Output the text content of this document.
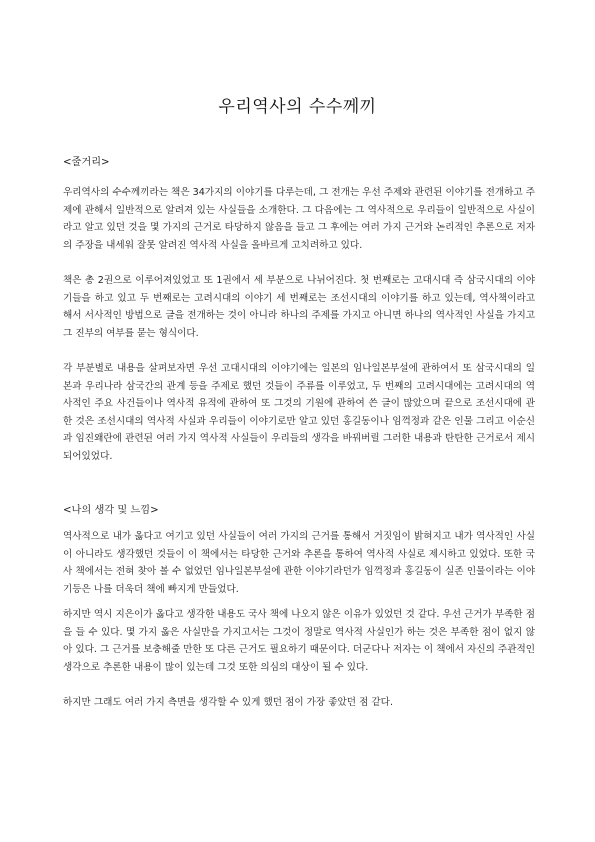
우리역사의 수수께끼
<줄거리>

우리역사의 수수께끼라는 책은 34가지의 이야기를 다루는데, 그 전개는 우선 주제와 관련된 이야기를 전개하고 주제에 관해서 일반적으로 알려져 있는 사실들을 소개한다. 그 다음에는 그 역사적으로 우리들이 일반적으로 사실이라고 알고 있던 것을 몇 가지의 근거로 타당하지 않음을 들고 그 후에는 여러 가지 근거와 논리적인 추론으로 저자의 주장을 내세워 잘못 알려진 역사적 사실을 올바르게 고치려하고 있다.

책은 총 2권으로 이루어져있었고 또 1권에서 세 부분으로 나뉘어진다. 첫 번째로는 고대시대 즉 삼국시대의 이야기들을 하고 있고 두 번째로는 고려시대의 이야기 세 번째로는 조선시대의 이야기를 하고 있는데, 역사책이라고 해서 서사적인 방법으로 글을 전개하는 것이 아니라 하나의 주제를 가지고 아니면 하나의 역사적인 사실을 가지고 그 진부의 여부를 묻는 형식이다.

각 부분별로 내용을 살펴보자면 우선 고대시대의 이야기에는 일본의 임나일본부설에 관하여서 또 삼국시대의 일본과 우리나라 삼국간의 관계 등을 주제로 했던 것들이 주류를 이루었고, 두 번째의 고려시대에는 고려시대의 역사적인 주요 사건들이나 역사적 유적에 관하여 또 그것의 기원에 관하여 쓴 글이 많았으며 끝으로 조선시대에 관한 것은 조선시대의 역사적 사실과 우리들이 이야기로만 알고 있던 홍길동이나 임꺽정과 같은 인물 그리고 이순신과 임진왜란에 관련된 여러 가지 역사적 사실들이 우리들의 생각을 바꿔버릴 그러한 내용과 탄탄한 근거로서 제시되어있었다.

<나의 생각 및 느낌>

역사적으로 내가 옳다고 여기고 있던 사실들이 여러 가지의 근거를 통해서 거짓임이 밝혀지고 내가 역사적인 사실이 아니라도 생각했던 것들이 이 책에서는 타당한 근거와 추론을 통하여 역사적 사실로 제시하고 있었다. 또한 국사 책에서는 전혀 찾아 볼 수 없었던 임나일본부설에 관한 이야기라던가 임꺽정과 홍길동이 실존 인물이라는 이야기등은 나를 더욱더 책에 빠지게 만들었다.

하지만 역시 지은이가 옳다고 생각한 내용도 국사 책에 나오지 않은 이유가 있었던 것 같다. 우선 근거가 부족한 점을 들 수 있다. 몇 가지 옳은 사실만을 가지고서는 그것이 정말로 역사적 사실인가 하는 것은 부족한 점이 없지 않아 있다. 그 근거를 보충해줄 만한 또 다른 근거도 필요하기 때문이다. 더군다나 저자는 이 책에서 자신의 주관적인 생각으로 추론한 내용이 많이 있는데 그것 또한 의심의 대상이 될 수 있다.

하지만 그래도 여러 가지 측면을 생각할 수 있게 했던 점이 가장 좋았던 점 같다.
